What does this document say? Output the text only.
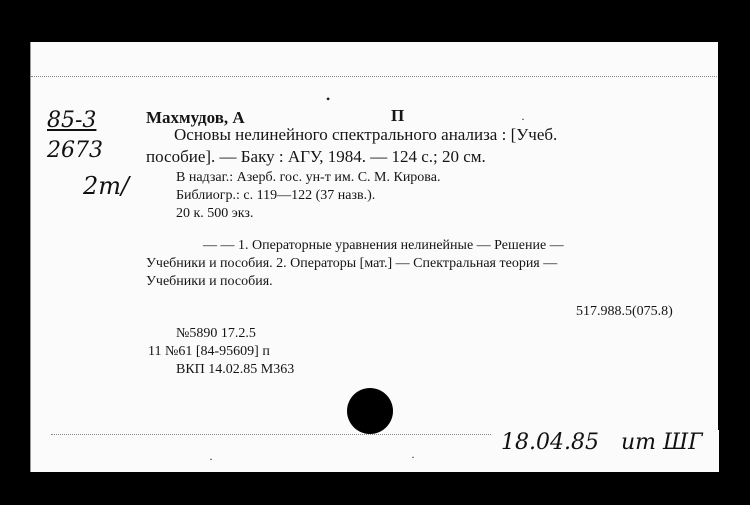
85-3
2673
2m/
Махмудов, А	П
Основы нелинейного спектрального анализа : [Учеб.
пособие]. — Баку : АГУ, 1984. — 124 с.; 20 см.
В надзаг.: Азерб. гос. ун-т им. С. М. Кирова.
Библиогр.: с. 119—122 (37 назв.).
20 к. 500 экз.
— — 1. Операторные уравнения нелинейные — Решение —
Учебники и пособия. 2. Операторы [мат.] — Спектральная теория —
Учебники и пособия.
517.988.5(075.8)
№5890 17.2.5
11 №61 [84-95609] п
ВКП 14.02.85 М363
18.04.85 ит ШГ
•
·
·	·
